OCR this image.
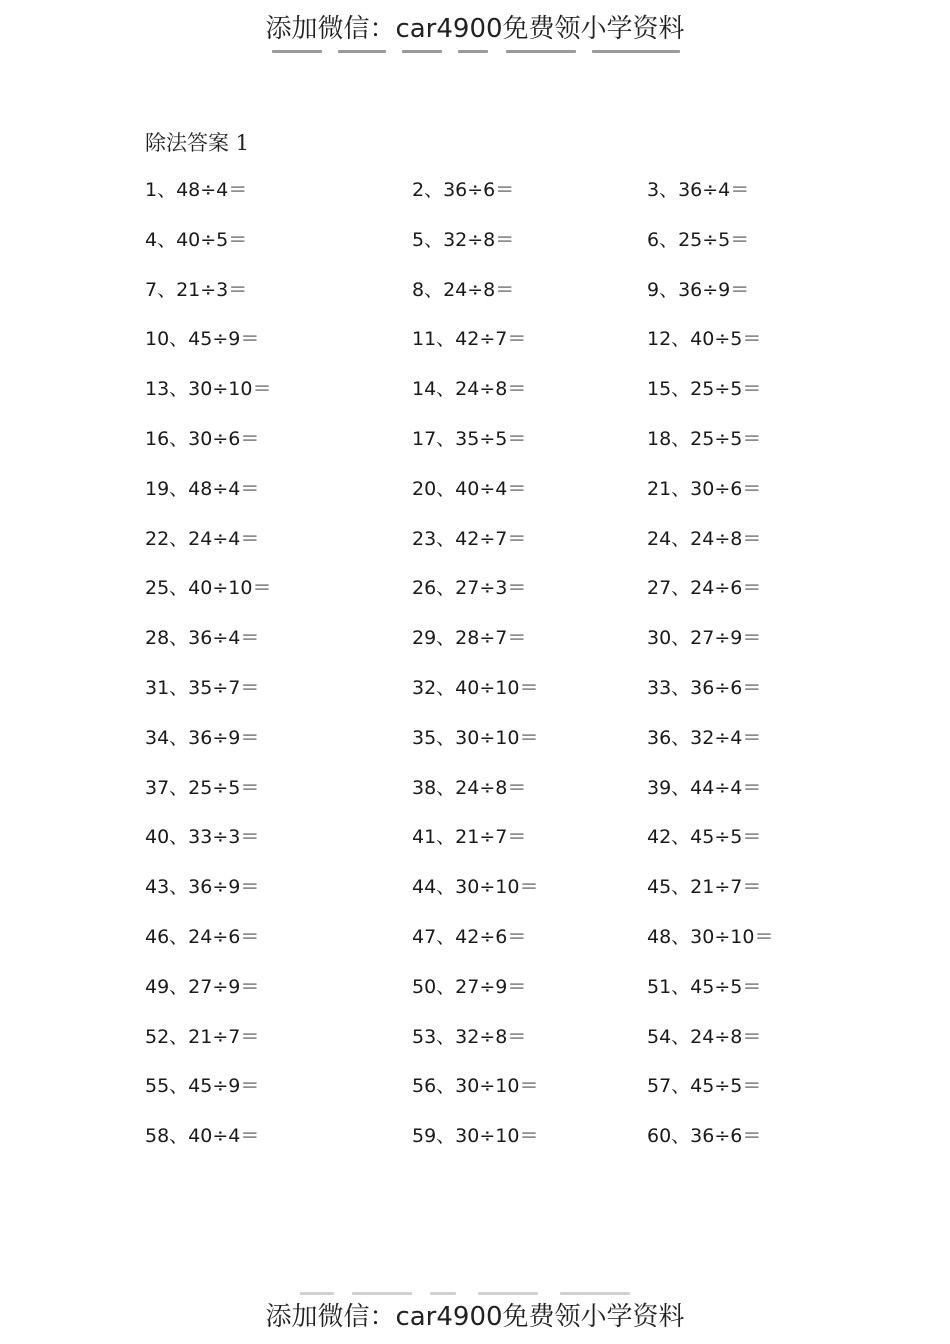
添加微信：car4900免费领小学资料
除法答案 1
1、48÷4＝	2、36÷6＝	3、36÷4＝
4、40÷5＝	5、32÷8＝	6、25÷5＝
7、21÷3＝	8、24÷8＝	9、36÷9＝
10、45÷9＝	11、42÷7＝	12、40÷5＝
13、30÷10＝	14、24÷8＝	15、25÷5＝
16、30÷6＝	17、35÷5＝	18、25÷5＝
19、48÷4＝	20、40÷4＝	21、30÷6＝
22、24÷4＝	23、42÷7＝	24、24÷8＝
25、40÷10＝	26、27÷3＝	27、24÷6＝
28、36÷4＝	29、28÷7＝	30、27÷9＝
31、35÷7＝	32、40÷10＝	33、36÷6＝
34、36÷9＝	35、30÷10＝	36、32÷4＝
37、25÷5＝	38、24÷8＝	39、44÷4＝
40、33÷3＝	41、21÷7＝	42、45÷5＝
43、36÷9＝	44、30÷10＝	45、21÷7＝
46、24÷6＝	47、42÷6＝	48、30÷10＝
49、27÷9＝	50、27÷9＝	51、45÷5＝
52、21÷7＝	53、32÷8＝	54、24÷8＝
55、45÷9＝	56、30÷10＝	57、45÷5＝
58、40÷4＝	59、30÷10＝	60、36÷6＝
添加微信：car4900免费领小学资料
